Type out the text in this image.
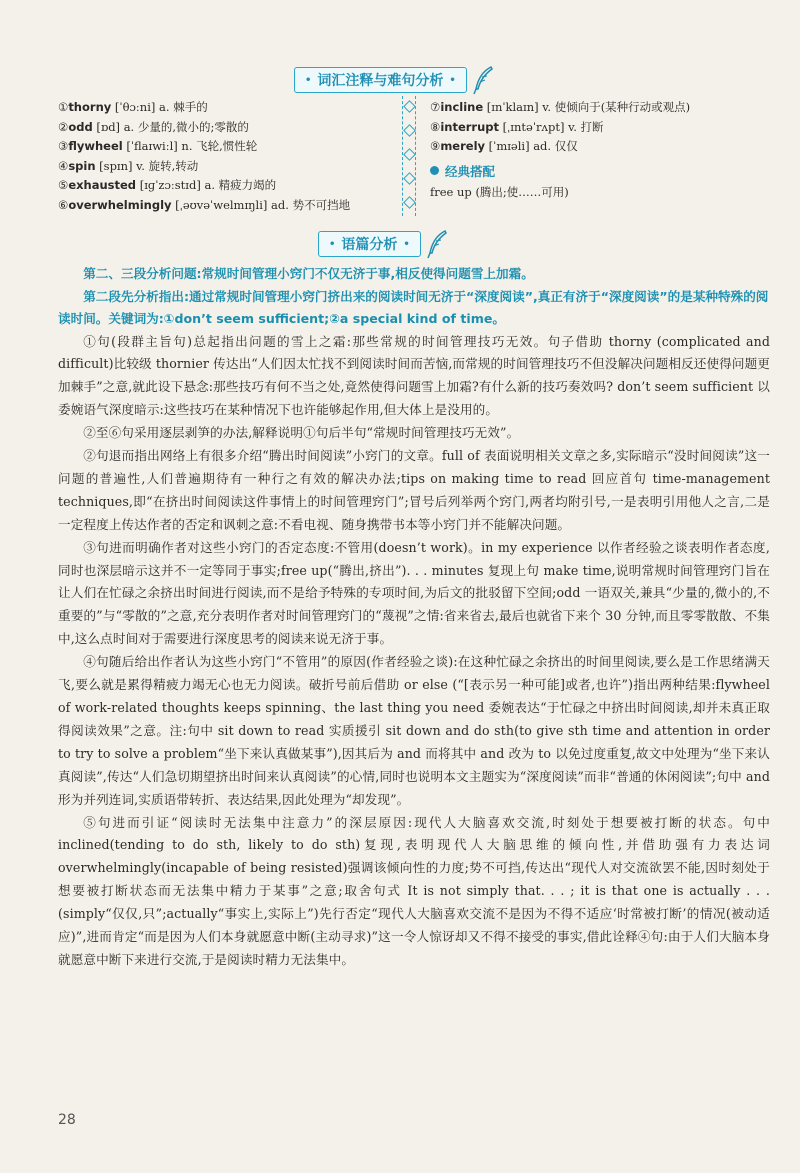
• 词汇注释与难句分析 •
①thorny [ˈθɔːni] a. 棘手的
②odd [ɒd] a. 少量的,微小的;零散的
③flywheel [ˈflaɪwiːl] n. 飞轮,惯性轮
④spin [spɪn] v. 旋转,转动
⑤exhausted [ɪɡˈzɔːstɪd] a. 精疲力竭的
⑥overwhelmingly [ˌəʊvəˈwelmɪŋli] ad. 势不可挡地
⑦incline [ɪnˈklaɪn] v. 使倾向于(某种行动或观点)
⑧interrupt [ˌɪntəˈrʌpt] v. 打断
⑨merely [ˈmɪəli] ad. 仅仅
经典搭配
free up (腾出;使……可用)
• 语篇分析 •

第二、三段分析问题:常规时间管理小窍门不仅无济于事,相反使得问题雪上加霜。

第二段先分析指出:通过常规时间管理小窍门挤出来的阅读时间无济于“深度阅读”,真正有济于“深度阅读”的是某种特殊的阅读时间。关键词为:①don’t seem sufficient;②a special kind of time。

①句(段群主旨句)总起指出问题的雪上之霜:那些常规的时间管理技巧无效。句子借助 thorny (complicated and difficult)比较级 thornier 传达出“人们因太忙找不到阅读时间而苦恼,而常规的时间管理技巧不但没解决问题相反还使得问题更加棘手”之意,就此设下悬念:那些技巧有何不当之处,竟然使得问题雪上加霜?有什么新的技巧奏效吗? don’t seem sufficient 以委婉语气深度暗示:这些技巧在某种情况下也许能够起作用,但大体上是没用的。

②至⑥句采用逐层剥笋的办法,解释说明①句后半句“常规时间管理技巧无效”。

②句退而指出网络上有很多介绍“腾出时间阅读”小窍门的文章。full of 表面说明相关文章之多,实际暗示“没时间阅读”这一问题的普遍性,人们普遍期待有一种行之有效的解决办法;tips on making time to read 回应首句 time-management techniques,即“在挤出时间阅读这件事情上的时间管理窍门”;冒号后列举两个窍门,两者均附引号,一是表明引用他人之言,二是一定程度上传达作者的否定和讽刺之意:不看电视、随身携带书本等小窍门并不能解决问题。

③句进而明确作者对这些小窍门的否定态度:不管用(doesn’t work)。in my experience 以作者经验之谈表明作者态度,同时也深层暗示这并不一定等同于事实;free up(“腾出,挤出”). . . minutes 复现上句 make time,说明常规时间管理窍门旨在让人们在忙碌之余挤出时间进行阅读,而不是给予特殊的专项时间,为后文的批驳留下空间;odd 一语双关,兼具“少量的,微小的,不重要的”与“零散的”之意,充分表明作者对时间管理窍门的“蔑视”之情:省来省去,最后也就省下来个 30 分钟,而且零零散散、不集中,这么点时间对于需要进行深度思考的阅读来说无济于事。

④句随后给出作者认为这些小窍门“不管用”的原因(作者经验之谈):在这种忙碌之余挤出的时间里阅读,要么是工作思绪满天飞,要么就是累得精疲力竭无心也无力阅读。破折号前后借助 or else (“[表示另一种可能]或者,也许”)指出两种结果:flywheel of work-related thoughts keeps spinning、the last thing you need 委婉表达“于忙碌之中挤出时间阅读,却并未真正取得阅读效果”之意。注:句中 sit down to read 实质援引 sit down and do sth(to give sth time and attention in order to try to solve a problem“坐下来认真做某事”),因其后为 and 而将其中 and 改为 to 以免过度重复,故文中处理为“坐下来认真阅读”,传达“人们急切期望挤出时间来认真阅读”的心情,同时也说明本文主题实为“深度阅读”而非“普通的休闲阅读”;句中 and 形为并列连词,实质语带转折、表达结果,因此处理为“却发现”。

⑤句进而引证“阅读时无法集中注意力”的深层原因:现代人大脑喜欢交流,时刻处于想要被打断的状态。句中 inclined(tending to do sth, likely to do sth)复现,表明现代人大脑思维的倾向性,并借助强有力表达词 overwhelmingly(incapable of being resisted)强调该倾向性的力度;势不可挡,传达出“现代人对交流欲罢不能,因时刻处于想要被打断状态而无法集中精力于某事”之意;取舍句式 It is not simply that. . . ; it is that one is actually . . . (simply“仅仅,只”;actually“事实上,实际上”)先行否定“现代人大脑喜欢交流不是因为不得不适应‘时常被打断’的情况(被动适应)”,进而肯定“而是因为人们本身就愿意中断(主动寻求)”这一令人惊讶却又不得不接受的事实,借此诠释④句:由于人们大脑本身就愿意中断下来进行交流,于是阅读时精力无法集中。

28
